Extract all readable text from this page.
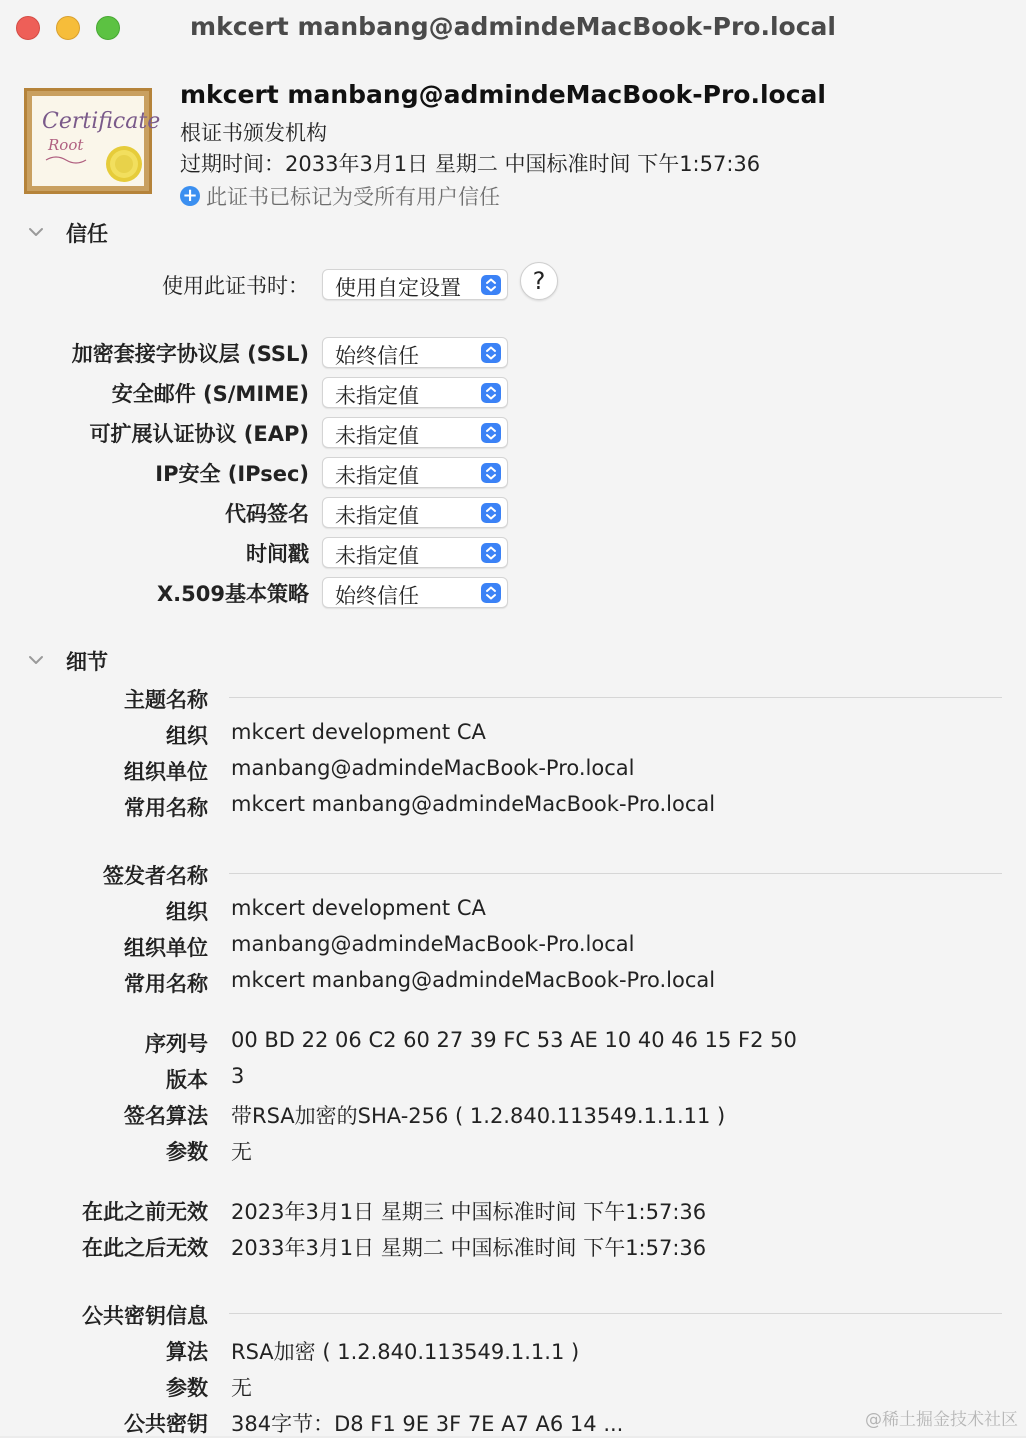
mkcert manbang@admindeMacBook-Pro.local
Certificate
Root
mkcert manbang@admindeMacBook-Pro.local
根证书颁发机构
过期时间：2033年3月1日 星期二 中国标准时间 下午1:57:36
+ 此证书已标记为受所有用户信任
信任
使用此证书时： 使用自定设置	?
加密套接字协议层 (SSL) 始终信任
安全邮件 (S/MIME) 未指定值
可扩展认证协议 (EAP) 未指定值
IP安全 (IPsec) 未指定值
代码签名 未指定值
时间戳 未指定值
X.509基本策略 始终信任
细节
主题名称
组织 mkcert development CA
组织单位 manbang@admindeMacBook-Pro.local
常用名称 mkcert manbang@admindeMacBook-Pro.local
签发者名称
组织 mkcert development CA
组织单位 manbang@admindeMacBook-Pro.local
常用名称 mkcert manbang@admindeMacBook-Pro.local
序列号 00 BD 22 06 C2 60 27 39 FC 53 AE 10 40 46 15 F2 50
版本 3
签名算法 带RSA加密的SHA-256 ( 1.2.840.113549.1.1.11 )
参数 无
在此之前无效 2023年3月1日 星期三 中国标准时间 下午1:57:36
在此之后无效 2033年3月1日 星期二 中国标准时间 下午1:57:36
公共密钥信息
算法 RSA加密 ( 1.2.840.113549.1.1.1 )
参数 无
公共密钥 384字节：D8 F1 9E 3F 7E A7 A6 14 ...	@稀土掘金技术社区
